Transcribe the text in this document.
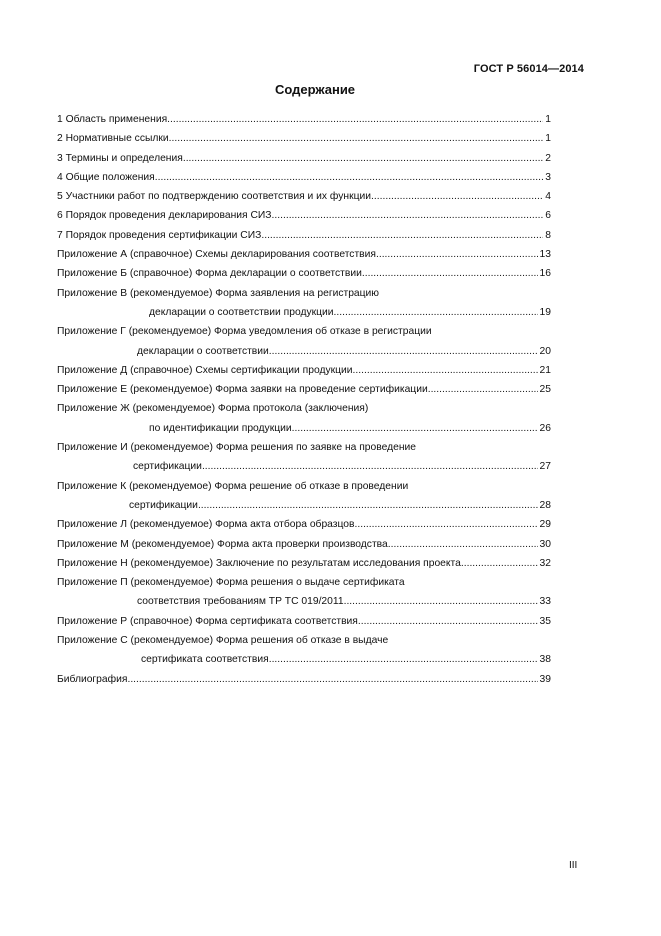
ГОСТ Р 56014—2014
Содержание
1 Область применения .....	1
2 Нормативные ссылки .....	1
3 Термины и определения .....	2
4 Общие положения .....	3
5 Участники работ по подтверждению соответствия и их функции .....	4
6 Порядок проведения декларирования СИЗ .....	6
7 Порядок проведения сертификации СИЗ .....	8
Приложение А (справочное) Схемы декларирования соответствия .....	13
Приложение Б (справочное) Форма декларации о соответствии .....	16
Приложение В (рекомендуемое) Форма заявления на регистрацию
декларации о соответствии продукции .....	19
Приложение Г (рекомендуемое) Форма уведомления об отказе в регистрации
декларации о соответствии .....	20
Приложение Д (справочное) Схемы сертификации продукции .....	21
Приложение Е (рекомендуемое) Форма заявки на проведение сертификации .....	25
Приложение Ж (рекомендуемое) Форма протокола (заключения)
по идентификации продукции .....	26
Приложение И (рекомендуемое) Форма решения по заявке на проведение
сертификации .....	27
Приложение К (рекомендуемое) Форма решение об отказе в проведении
сертификации .....	28
Приложение Л (рекомендуемое) Форма акта отбора образцов .....	29
Приложение М (рекомендуемое) Форма акта проверки производства .....	30
Приложение Н (рекомендуемое) Заключение по результатам исследования проекта .....	32
Приложение П (рекомендуемое) Форма решения о выдаче сертификата
соответствия требованиям ТР ТС 019/2011 .....	33
Приложение Р (справочное) Форма сертификата соответствия .....	35
Приложение С (рекомендуемое) Форма решения об отказе в выдаче
сертификата соответствия .....	38
Библиография .....	39
III
